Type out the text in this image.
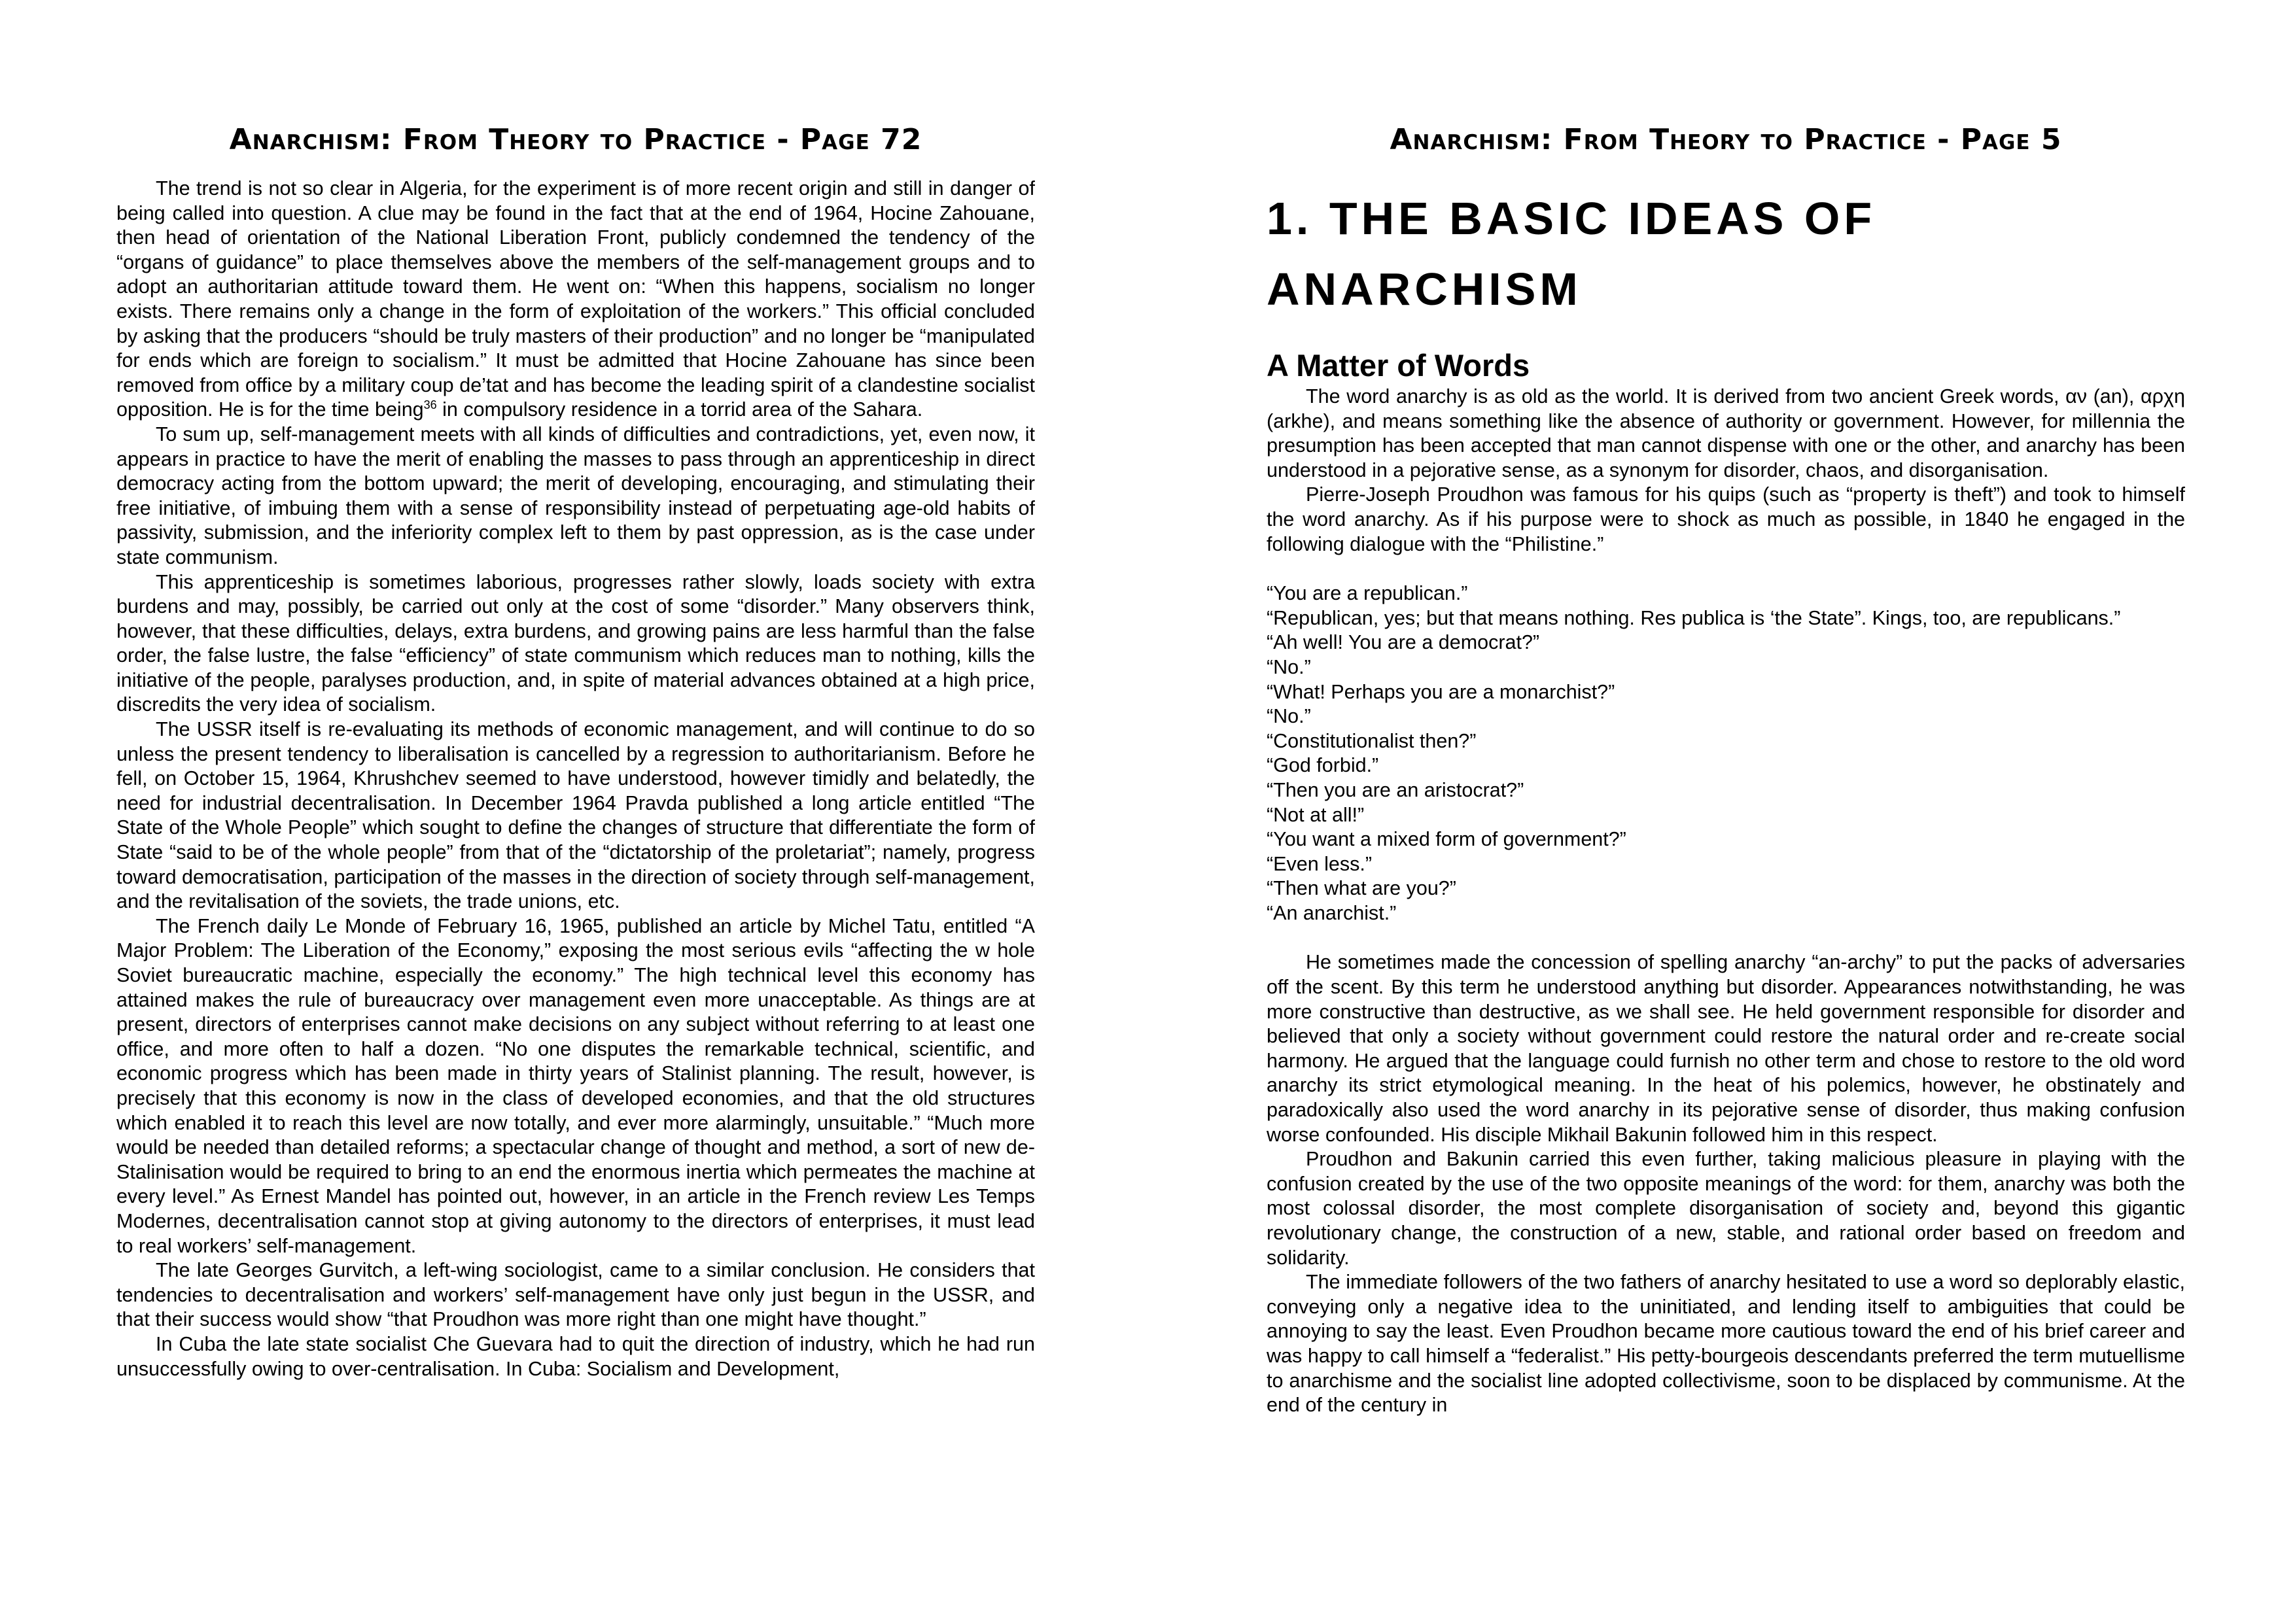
Anarchism: From Theory to Practice - Page 72

The trend is not so clear in Algeria, for the experiment is of more recent origin and still in danger of being called into question. A clue may be found in the fact that at the end of 1964, Hocine Zahouane, then head of orientation of the National Liberation Front, publicly condemned the tendency of the “organs of guidance” to place themselves above the members of the self-management groups and to adopt an authoritarian attitude toward them. He went on: “When this happens, socialism no longer exists. There remains only a change in the form of exploitation of the workers.” This official concluded by asking that the producers “should be truly masters of their production” and no longer be “manipulated for ends which are foreign to socialism.” It must be admitted that Hocine Zahouane has since been removed from office by a military coup de’tat and has become the leading spirit of a clandestine socialist opposition. He is for the time being$^{36}$ in compulsory residence in a torrid area of the Sahara.

To sum up, self-management meets with all kinds of difficulties and contradictions, yet, even now, it appears in practice to have the merit of enabling the masses to pass through an apprenticeship in direct democracy acting from the bottom upward; the merit of developing, encouraging, and stimulating their free initiative, of imbuing them with a sense of responsibility instead of perpetuating age-old habits of passivity, submission, and the inferiority complex left to them by past oppression, as is the case under state communism.

This apprenticeship is sometimes laborious, progresses rather slowly, loads society with extra burdens and may, possibly, be carried out only at the cost of some “disorder.” Many observers think, however, that these difficulties, delays, extra burdens, and growing pains are less harmful than the false order, the false lustre, the false “efficiency” of state communism which reduces man to nothing, kills the initiative of the people, paralyses production, and, in spite of material advances obtained at a high price, discredits the very idea of socialism.

The USSR itself is re-evaluating its methods of economic management, and will continue to do so unless the present tendency to liberalisation is cancelled by a regression to authoritarianism. Before he fell, on October 15, 1964, Khrushchev seemed to have understood, however timidly and belatedly, the need for industrial decentralisation. In December 1964 Pravda published a long article entitled “The State of the Whole People” which sought to define the changes of structure that differentiate the form of State “said to be of the whole people” from that of the “dictatorship of the proletariat”; namely, progress toward democratisation, participation of the masses in the direction of society through self-management, and the revitalisation of the soviets, the trade unions, etc.

The French daily Le Monde of February 16, 1965, published an article by Michel Tatu, entitled “A Major Problem: The Liberation of the Economy,” exposing the most serious evils “affecting the w hole Soviet bureaucratic machine, especially the economy.” The high technical level this economy has attained makes the rule of bureaucracy over management even more unacceptable. As things are at present, directors of enterprises cannot make decisions on any subject without referring to at least one office, and more often to half a dozen. “No one disputes the remarkable technical, scientific, and economic progress which has been made in thirty years of Stalinist planning. The result, however, is precisely that this economy is now in the class of developed economies, and that the old structures which enabled it to reach this level are now totally, and ever more alarmingly, unsuitable.” “Much more would be needed than detailed reforms; a spectacular change of thought and method, a sort of new de-Stalinisation would be required to bring to an end the enormous inertia which permeates the machine at every level.” As Ernest Mandel has pointed out, however, in an article in the French review Les Temps Modernes, decentralisation cannot stop at giving autonomy to the directors of enterprises, it must lead to real workers’ self-management.

The late Georges Gurvitch, a left-wing sociologist, came to a similar conclusion. He considers that tendencies to decentralisation and workers’ self-management have only just begun in the USSR, and that their success would show “that Proudhon was more right than one might have thought.”

In Cuba the late state socialist Che Guevara had to quit the direction of industry, which he had run unsuccessfully owing to over-centralisation. In Cuba: Socialism and Development,

Anarchism: From Theory to Practice - Page 5
1. THE BASIC IDEAS OF
ANARCHISM
A Matter of Words

The word anarchy is as old as the world. It is derived from two ancient Greek words, αν (an), αρχη (arkhe), and means something like the absence of authority or government. However, for millennia the presumption has been accepted that man cannot dispense with one or the other, and anarchy has been understood in a pejorative sense, as a synonym for disorder, chaos, and disorganisation.

Pierre-Joseph Proudhon was famous for his quips (such as “property is theft”) and took to himself the word anarchy. As if his purpose were to shock as much as possible, in 1840 he engaged in the following dialogue with the “Philistine.”

“You are a republican.”
“Republican, yes; but that means nothing. Res publica is ‘the State”. Kings, too, are republicans.”
“Ah well! You are a democrat?”
“No.”
“What! Perhaps you are a monarchist?”
“No.”
“Constitutionalist then?”
“God forbid.”
“Then you are an aristocrat?”
“Not at all!”
“You want a mixed form of government?”
“Even less.”
“Then what are you?”
“An anarchist.”

He sometimes made the concession of spelling anarchy “an-archy” to put the packs of adversaries off the scent. By this term he understood anything but disorder. Appearances notwithstanding, he was more constructive than destructive, as we shall see. He held government responsible for disorder and believed that only a society without government could restore the natural order and re-create social harmony. He argued that the language could furnish no other term and chose to restore to the old word anarchy its strict etymological meaning. In the heat of his polemics, however, he obstinately and paradoxically also used the word anarchy in its pejorative sense of disorder, thus making confusion worse confounded. His disciple Mikhail Bakunin followed him in this respect.

Proudhon and Bakunin carried this even further, taking malicious pleasure in playing with the confusion created by the use of the two opposite meanings of the word: for them, anarchy was both the most colossal disorder, the most complete disorganisation of society and, beyond this gigantic revolutionary change, the construction of a new, stable, and rational order based on freedom and solidarity.

The immediate followers of the two fathers of anarchy hesitated to use a word so deplorably elastic, conveying only a negative idea to the uninitiated, and lending itself to ambiguities that could be annoying to say the least. Even Proudhon became more cautious toward the end of his brief career and was happy to call himself a “federalist.” His petty-bourgeois descendants preferred the term mutuellisme to anarchisme and the socialist line adopted collectivisme, soon to be displaced by communisme. At the end of the century in
